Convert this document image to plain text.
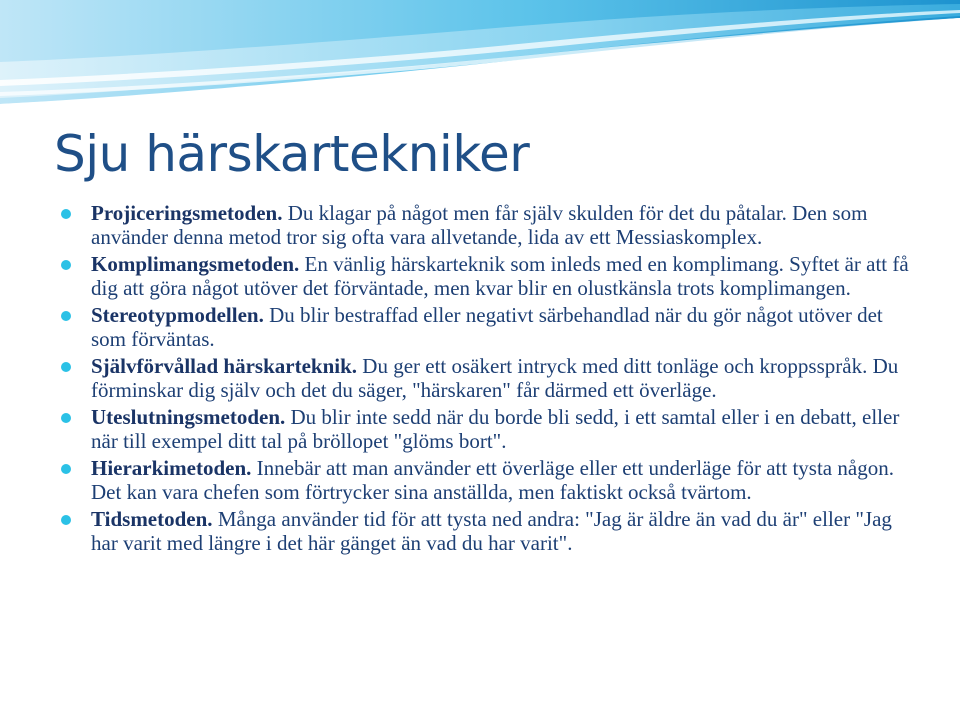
Sju härskartekniker
Projiceringsmetoden. Du klagar på något men får själv skulden för det du påtalar. Den som använder denna metod tror sig ofta vara allvetande, lida av ett Messiaskomplex.
Komplimangsmetoden. En vänlig härskarteknik som inleds med en komplimang. Syftet är att få dig att göra något utöver det förväntade, men kvar blir en olustkänsla trots komplimangen.
Stereotypmodellen. Du blir bestraffad eller negativt särbehandlad när du gör något utöver det som förväntas.
Självförvållad härskarteknik. Du ger ett osäkert intryck med ditt tonläge och kroppsspråk. Du förminskar dig själv och det du säger, "härskaren" får därmed ett överläge.
Uteslutningsmetoden. Du blir inte sedd när du borde bli sedd, i ett samtal eller i en debatt, eller när till exempel ditt tal på bröllopet "glöms bort".
Hierarkimetoden. Innebär att man använder ett överläge eller ett underläge för att tysta någon. Det kan vara chefen som förtrycker sina anställda, men faktiskt också tvärtom.
Tidsmetoden. Många använder tid för att tysta ned andra: "Jag är äldre än vad du är" eller "Jag har varit med längre i det här gänget än vad du har varit".
